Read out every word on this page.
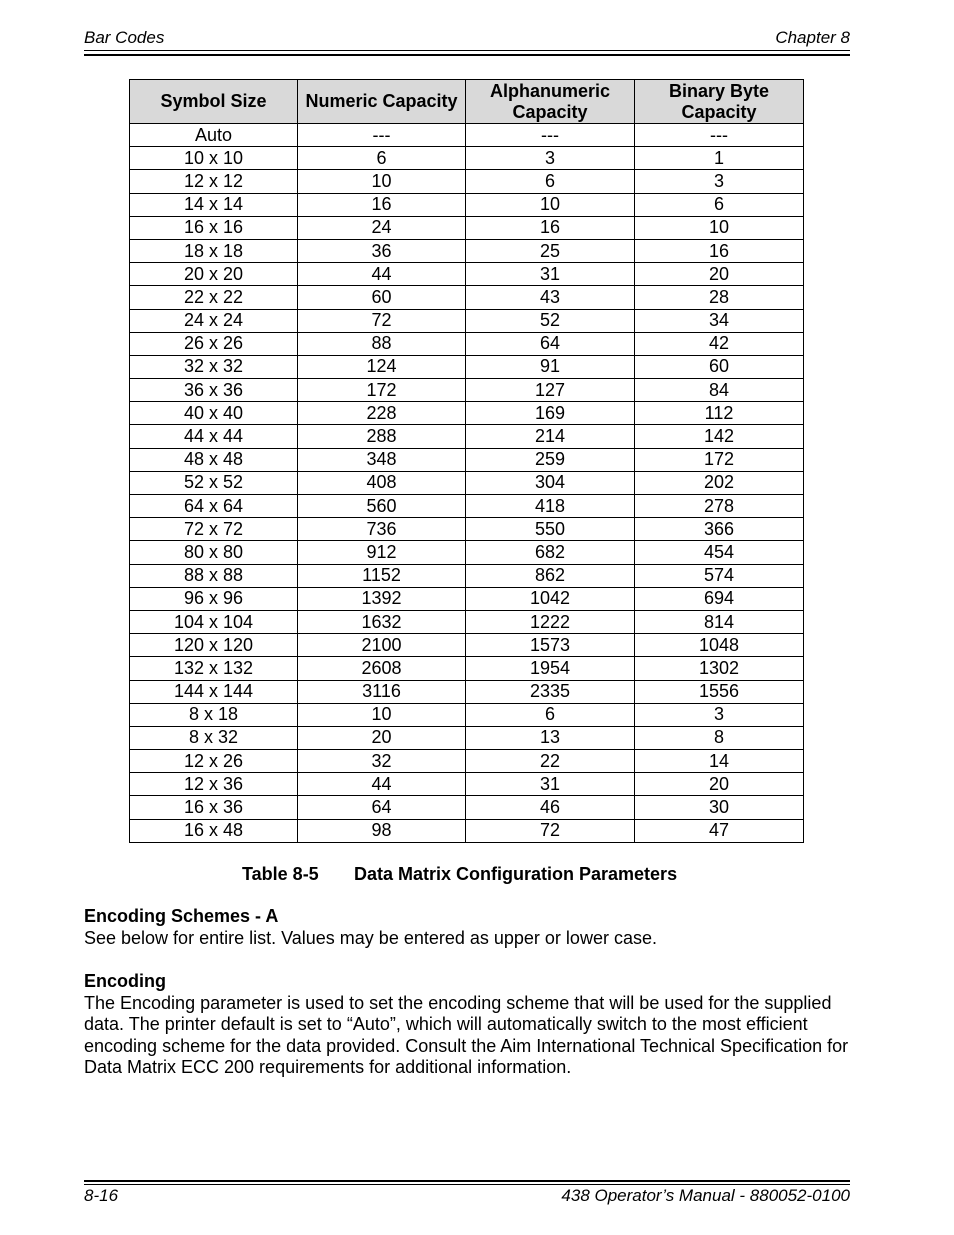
Bar Codes	Chapter 8
Symbol Size	Numeric Capacity	Alphanumeric Capacity	Binary Byte Capacity
Auto	---	---	---
10 x 10	6	3	1
12 x 12	10	6	3
14 x 14	16	10	6
16 x 16	24	16	10
18 x 18	36	25	16
20 x 20	44	31	20
22 x 22	60	43	28
24 x 24	72	52	34
26 x 26	88	64	42
32 x 32	124	91	60
36 x 36	172	127	84
40 x 40	228	169	112
44 x 44	288	214	142
48 x 48	348	259	172
52 x 52	408	304	202
64 x 64	560	418	278
72 x 72	736	550	366
80 x 80	912	682	454
88 x 88	1152	862	574
96 x 96	1392	1042	694
104 x 104	1632	1222	814
120 x 120	2100	1573	1048
132 x 132	2608	1954	1302
144 x 144	3116	2335	1556
8 x 18	10	6	3
8 x 32	20	13	8
12 x 26	32	22	14
12 x 36	44	31	20
16 x 36	64	46	30
16 x 48	98	72	47
Table 8-5 Data Matrix Configuration Parameters
Encoding Schemes - A
See below for entire list. Values may be entered as upper or lower case.
Encoding
The Encoding parameter is used to set the encoding scheme that will be used for the supplied data. The printer default is set to “Auto”, which will automatically switch to the most efficient encoding scheme for the data provided. Consult the Aim International Technical Specification for Data Matrix ECC 200 requirements for additional information.
8-16	438 Operator’s Manual - 880052-0100
